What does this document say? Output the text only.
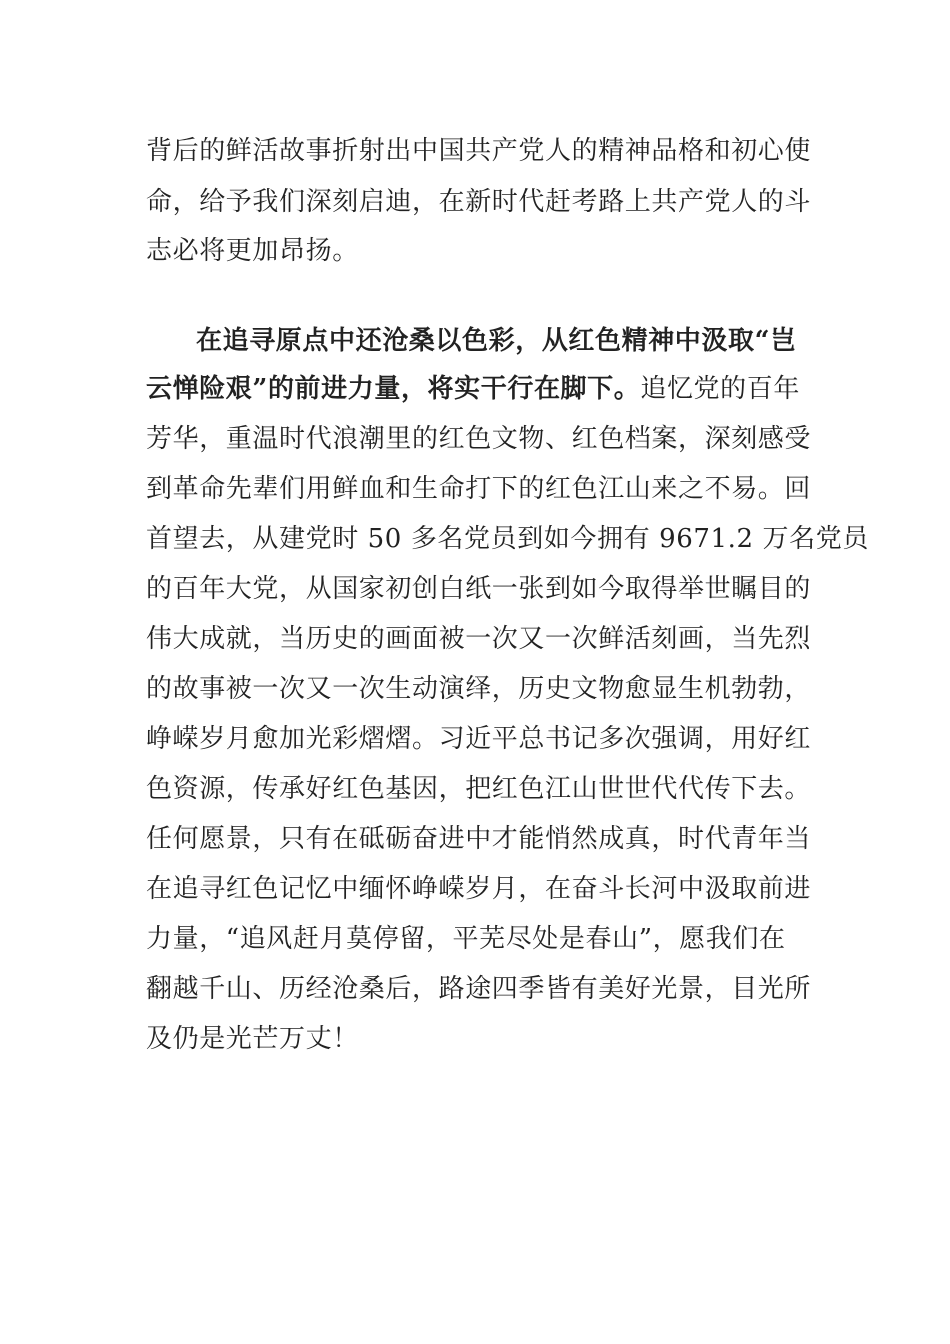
背后的鲜活故事折射出中国共产党人的精神品格和初心使
命，给予我们深刻启迪，在新时代赶考路上共产党人的斗
志必将更加昂扬。
在追寻原点中还沧桑以色彩，从红色精神中汲取“岂
云惮险艰”的前进力量，将实干行在脚下。追忆党的百年
芳华，重温时代浪潮里的红色文物、红色档案，深刻感受
到革命先辈们用鲜血和生命打下的红色江山来之不易。回
首望去，从建党时 50 多名党员到如今拥有 9671.2 万名党员
的百年大党，从国家初创白纸一张到如今取得举世瞩目的
伟大成就，当历史的画面被一次又一次鲜活刻画，当先烈
的故事被一次又一次生动演绎，历史文物愈显生机勃勃，
峥嵘岁月愈加光彩熠熠。习近平总书记多次强调，用好红
色资源，传承好红色基因，把红色江山世世代代传下去。
任何愿景，只有在砥砺奋进中才能悄然成真，时代青年当
在追寻红色记忆中缅怀峥嵘岁月，在奋斗长河中汲取前进
力量，“追风赶月莫停留，平芜尽处是春山”，愿我们在
翻越千山、历经沧桑后，路途四季皆有美好光景，目光所
及仍是光芒万丈！
